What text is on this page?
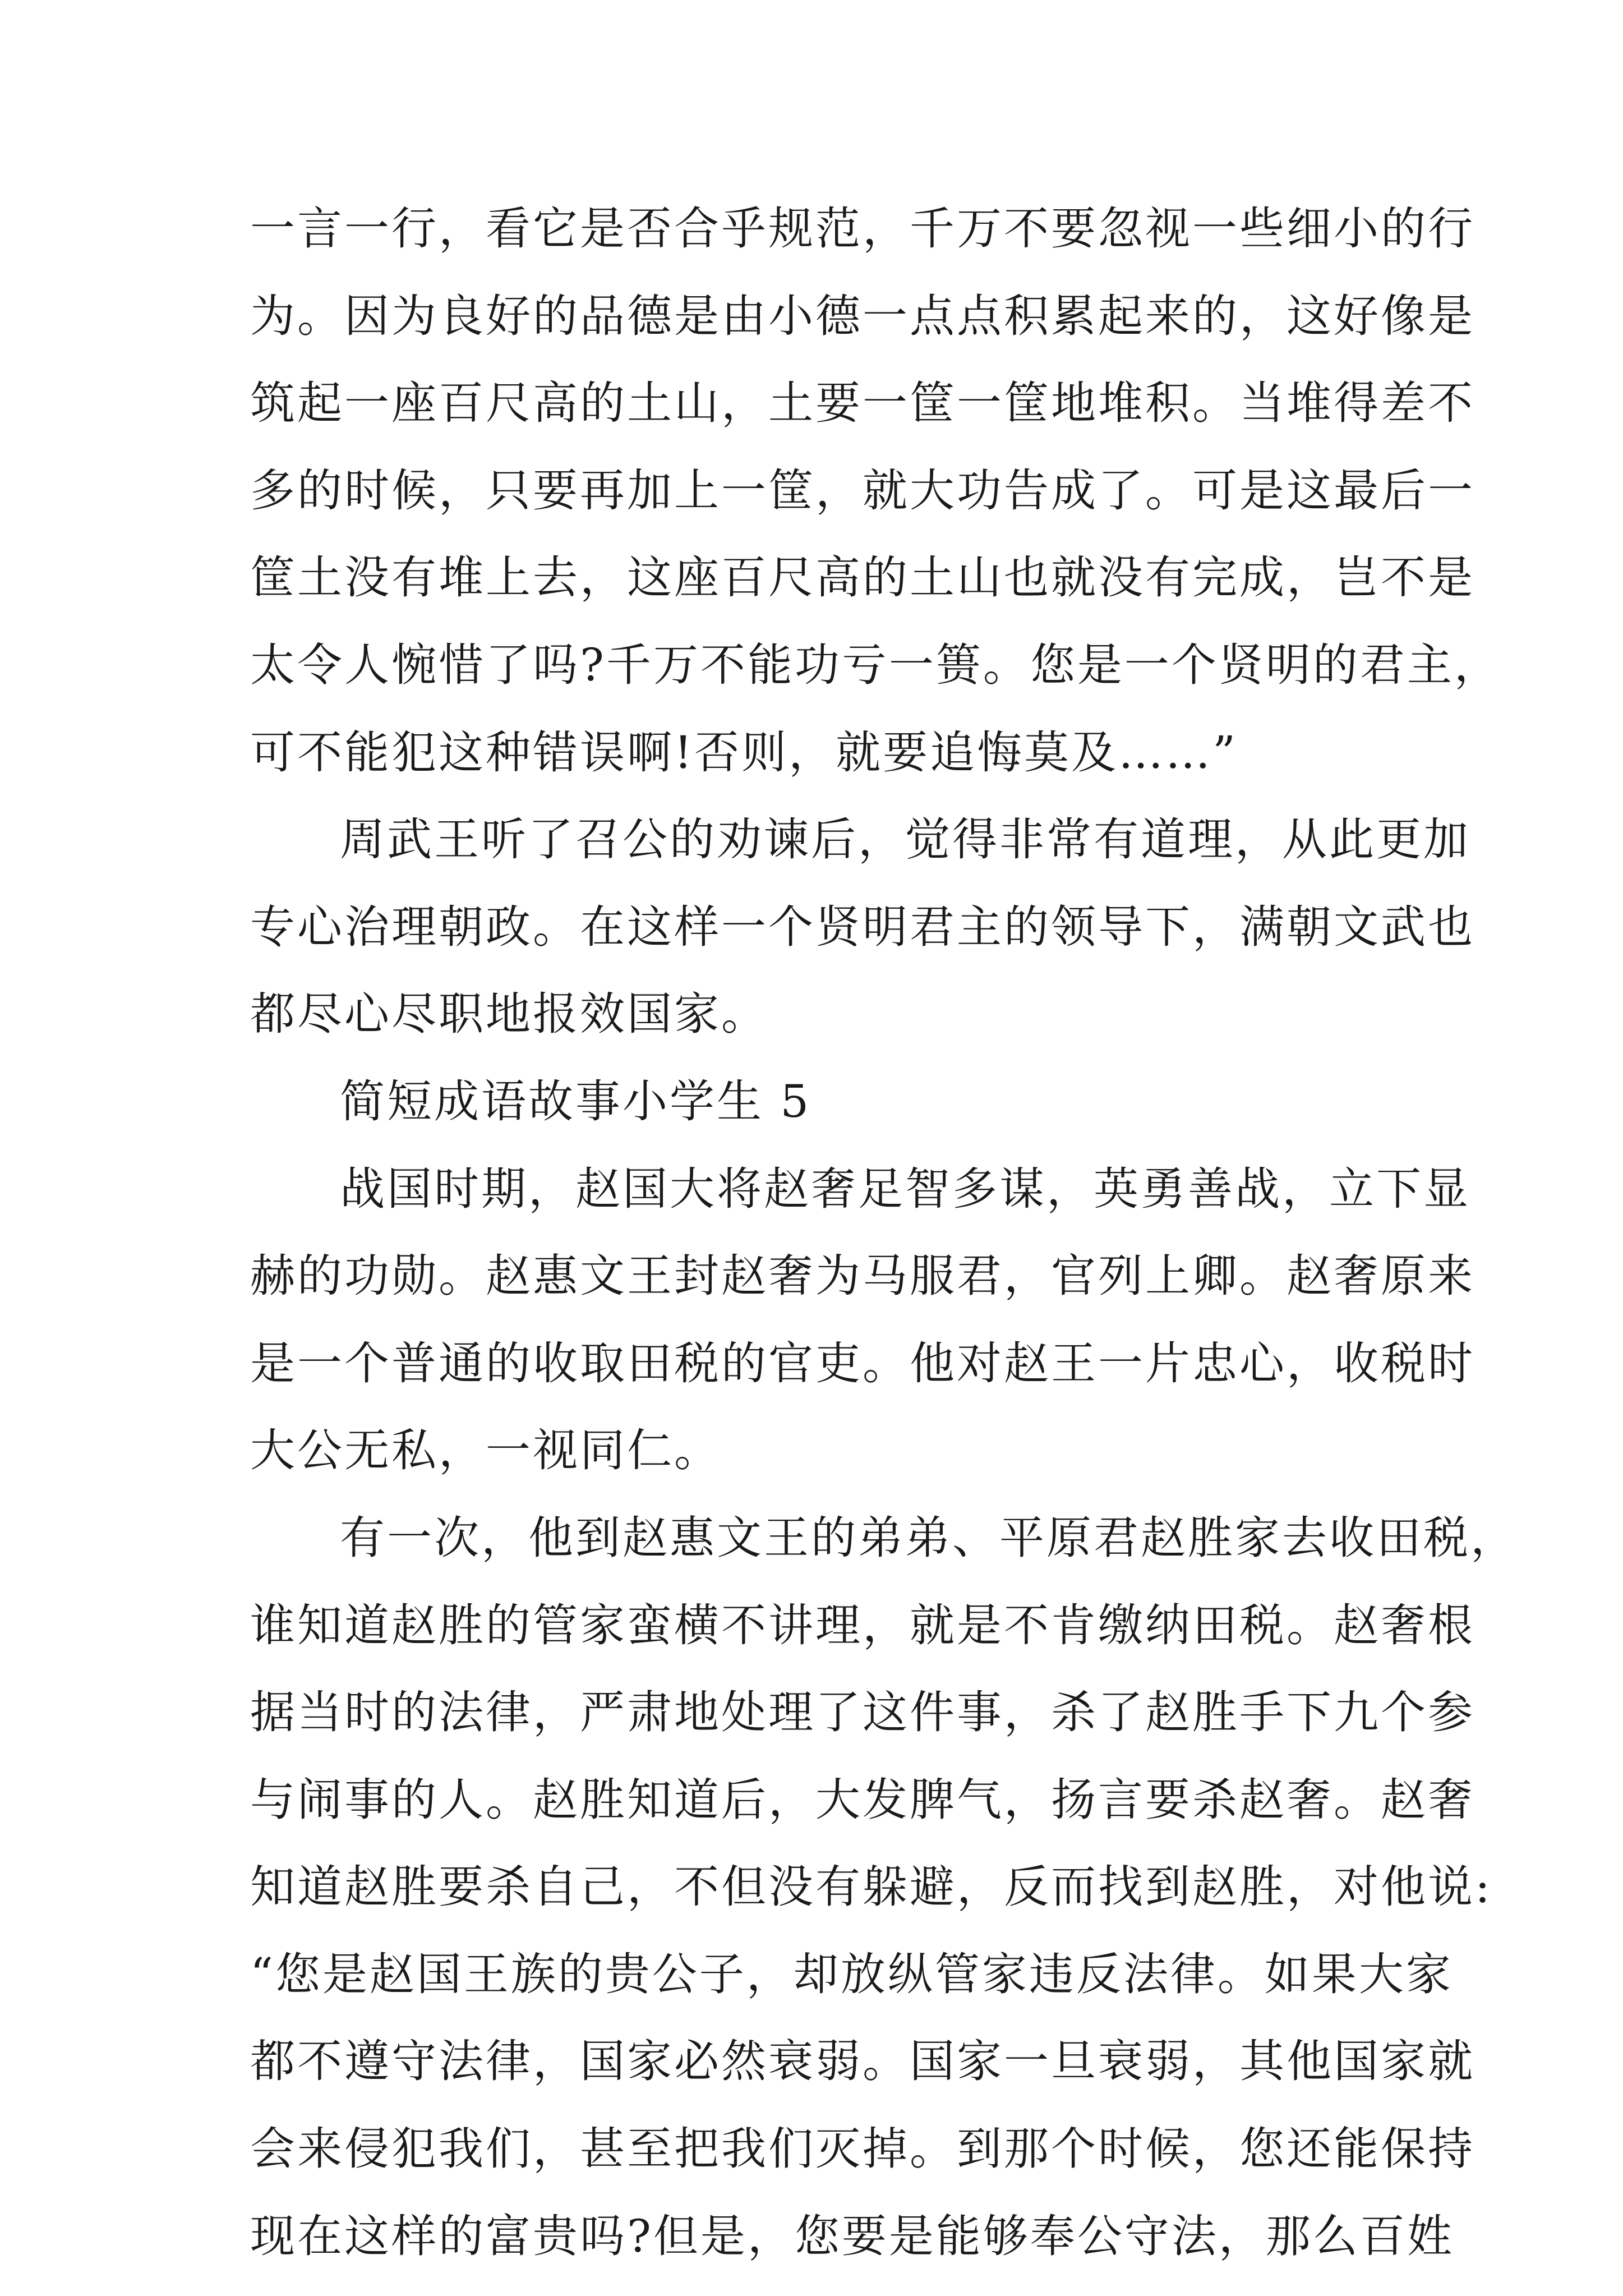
一言一行，看它是否合乎规范，千万不要忽视一些细小的行
为。因为良好的品德是由小德一点点积累起来的，这好像是
筑起一座百尺高的土山，土要一筐一筐地堆积。当堆得差不
多的时候，只要再加上一筐，就大功告成了。可是这最后一
筐土没有堆上去，这座百尺高的土山也就没有完成，岂不是
太令人惋惜了吗?千万不能功亏一篑。您是一个贤明的君主，
可不能犯这种错误啊!否则，就要追悔莫及……”
周武王听了召公的劝谏后，觉得非常有道理，从此更加
专心治理朝政。在这样一个贤明君主的领导下，满朝文武也
都尽心尽职地报效国家。
简短成语故事小学生 5
战国时期，赵国大将赵奢足智多谋，英勇善战，立下显
赫的功勋。赵惠文王封赵奢为马服君，官列上卿。赵奢原来
是一个普通的收取田税的官吏。他对赵王一片忠心，收税时
大公无私，一视同仁。
有一次，他到赵惠文王的弟弟、平原君赵胜家去收田税，
谁知道赵胜的管家蛮横不讲理，就是不肯缴纳田税。赵奢根
据当时的法律，严肃地处理了这件事，杀了赵胜手下九个参
与闹事的人。赵胜知道后，大发脾气，扬言要杀赵奢。赵奢
知道赵胜要杀自己，不但没有躲避，反而找到赵胜，对他说:
“您是赵国王族的贵公子，却放纵管家违反法律。如果大家
都不遵守法律，国家必然衰弱。国家一旦衰弱，其他国家就
会来侵犯我们，甚至把我们灭掉。到那个时候，您还能保持
现在这样的富贵吗?但是，您要是能够奉公守法，那么百姓
